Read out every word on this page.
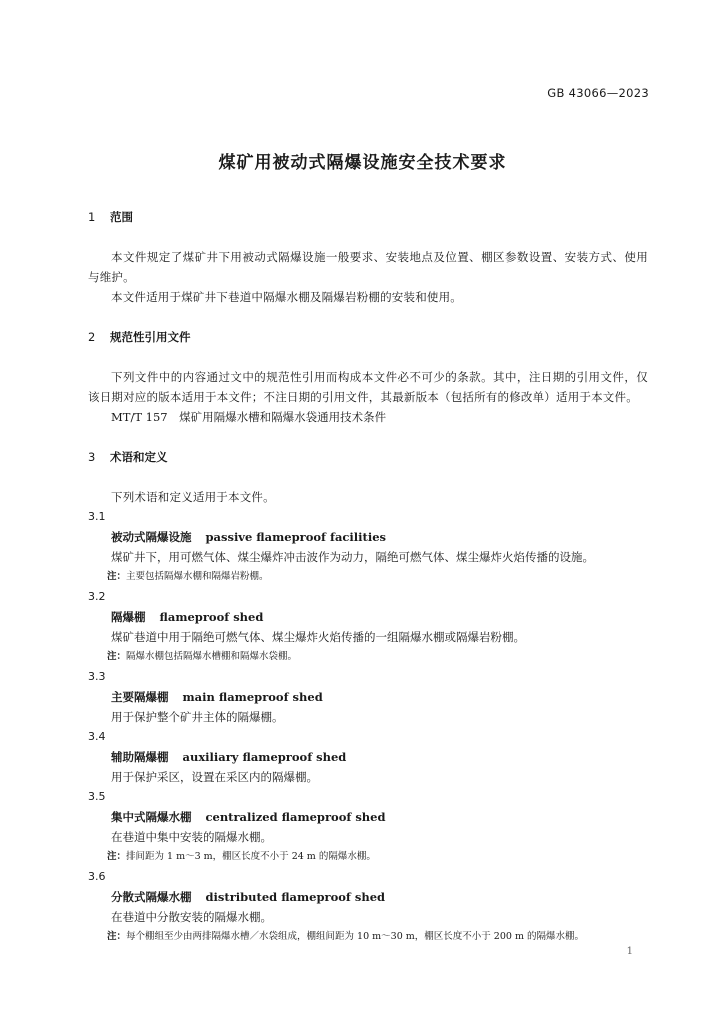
GB 43066—2023

煤矿用被动式隔爆设施安全技术要求
1 范围

本文件规定了煤矿井下用被动式隔爆设施一般要求、安装地点及位置、棚区参数设置、安装方式、使用与维护。

本文件适用于煤矿井下巷道中隔爆水棚及隔爆岩粉棚的安装和使用。

2 规范性引用文件

下列文件中的内容通过文中的规范性引用而构成本文件必不可少的条款。其中，注日期的引用文件，仅该日期对应的版本适用于本文件；不注日期的引用文件，其最新版本（包括所有的修改单）适用于本文件。

MT/T 157　煤矿用隔爆水槽和隔爆水袋通用技术条件

3 术语和定义

下列术语和定义适用于本文件。

3.1

被动式隔爆设施 passive flameproof facilities

煤矿井下，用可燃气体、煤尘爆炸冲击波作为动力，隔绝可燃气体、煤尘爆炸火焰传播的设施。

注：主要包括隔爆水棚和隔爆岩粉棚。

3.2

隔爆棚 flameproof shed

煤矿巷道中用于隔绝可燃气体、煤尘爆炸火焰传播的一组隔爆水棚或隔爆岩粉棚。

注：隔爆水棚包括隔爆水槽棚和隔爆水袋棚。

3.3

主要隔爆棚 main flameproof shed

用于保护整个矿井主体的隔爆棚。

3.4

辅助隔爆棚 auxiliary flameproof shed

用于保护采区，设置在采区内的隔爆棚。

3.5

集中式隔爆水棚 centralized flameproof shed

在巷道中集中安装的隔爆水棚。

注：排间距为 1 m～3 m，棚区长度不小于 24 m 的隔爆水棚。

3.6

分散式隔爆水棚 distributed flameproof shed

在巷道中分散安装的隔爆水棚。

注：每个棚组至少由两排隔爆水槽／水袋组成，棚组间距为 10 m～30 m，棚区长度不小于 200 m 的隔爆水棚。

1
